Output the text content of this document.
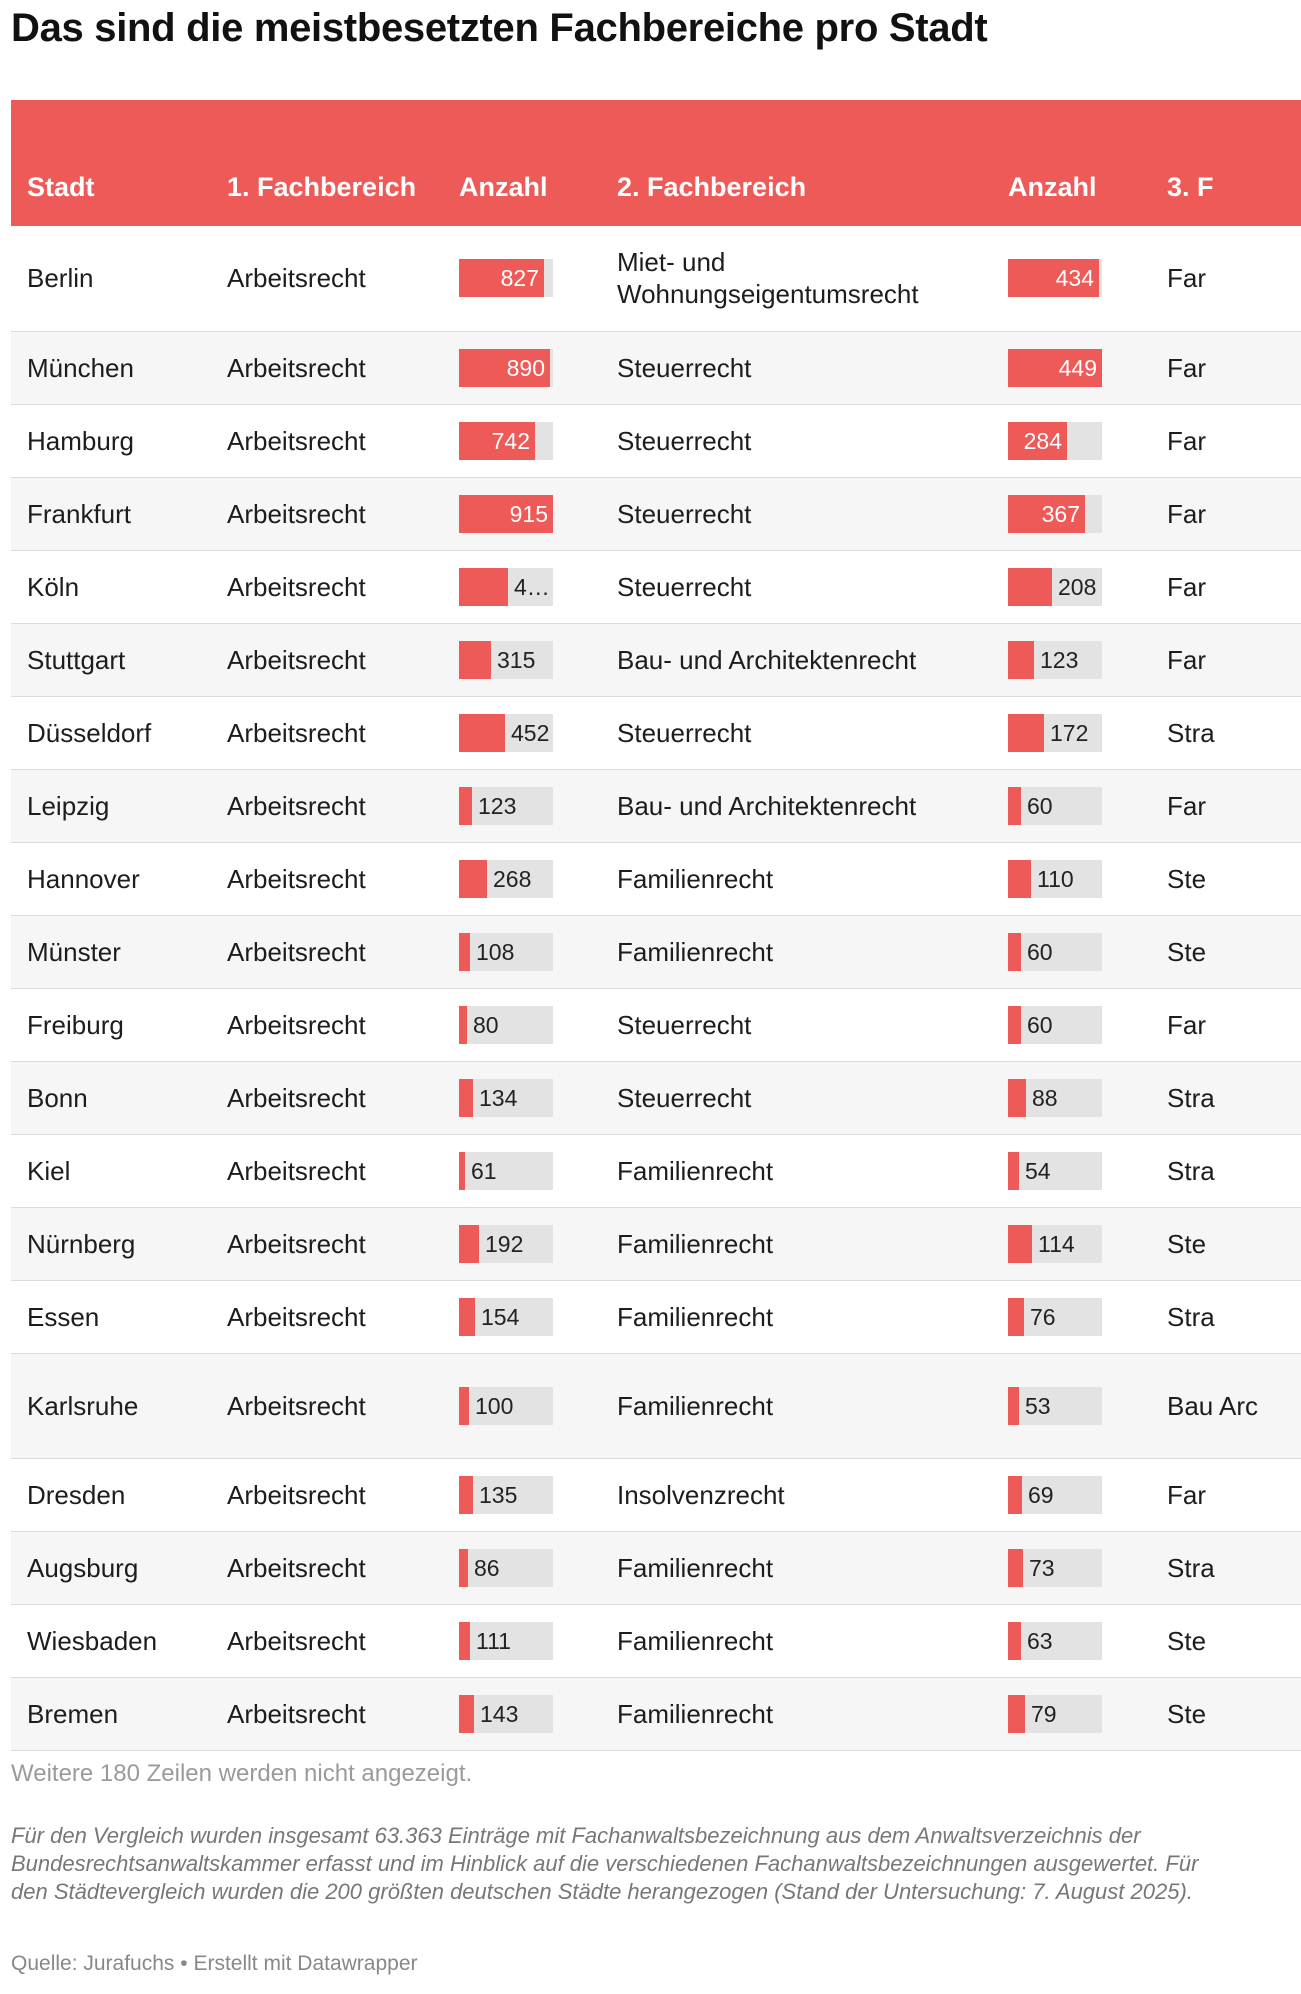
Das sind die meistbesetzten Fachbereiche pro Stadt
Stadt	1. Fachbereich	Anzahl	2. Fachbereich	Anzahl	3. F
Berlin	Arbeitsrecht	827	Miet- und Wohnungseigentumsrecht	434	Far
München	Arbeitsrecht	890	Steuerrecht	449	Far
Hamburg	Arbeitsrecht	742	Steuerrecht	284	Far
Frankfurt	Arbeitsrecht	915	Steuerrecht	367	Far
Köln	Arbeitsrecht	4…	Steuerrecht	208	Far
Stuttgart	Arbeitsrecht	315	Bau- und Architektenrecht	123	Far
Düsseldorf	Arbeitsrecht	452	Steuerrecht	172	Stra
Leipzig	Arbeitsrecht	123	Bau- und Architektenrecht	60	Far
Hannover	Arbeitsrecht	268	Familienrecht	110	Ste
Münster	Arbeitsrecht	108	Familienrecht	60	Ste
Freiburg	Arbeitsrecht	80	Steuerrecht	60	Far
Bonn	Arbeitsrecht	134	Steuerrecht	88	Stra
Kiel	Arbeitsrecht	61	Familienrecht	54	Stra
Nürnberg	Arbeitsrecht	192	Familienrecht	114	Ste
Essen	Arbeitsrecht	154	Familienrecht	76	Stra
Karlsruhe	Arbeitsrecht	100	Familienrecht	53	Bau Arc
Dresden	Arbeitsrecht	135	Insolvenzrecht	69	Far
Augsburg	Arbeitsrecht	86	Familienrecht	73	Stra
Wiesbaden	Arbeitsrecht	111	Familienrecht	63	Ste
Bremen	Arbeitsrecht	143	Familienrecht	79	Ste
Weitere 180 Zeilen werden nicht angezeigt.
Für den Vergleich wurden insgesamt 63.363 Einträge mit Fachanwaltsbezeichnung aus dem Anwaltsverzeichnis der Bundesrechtsanwaltskammer erfasst und im Hinblick auf die verschiedenen Fachanwaltsbezeichnungen ausgewertet. Für den Städtevergleich wurden die 200 größten deutschen Städte herangezogen (Stand der Untersuchung: 7. August 2025).
Quelle: Jurafuchs • Erstellt mit Datawrapper
